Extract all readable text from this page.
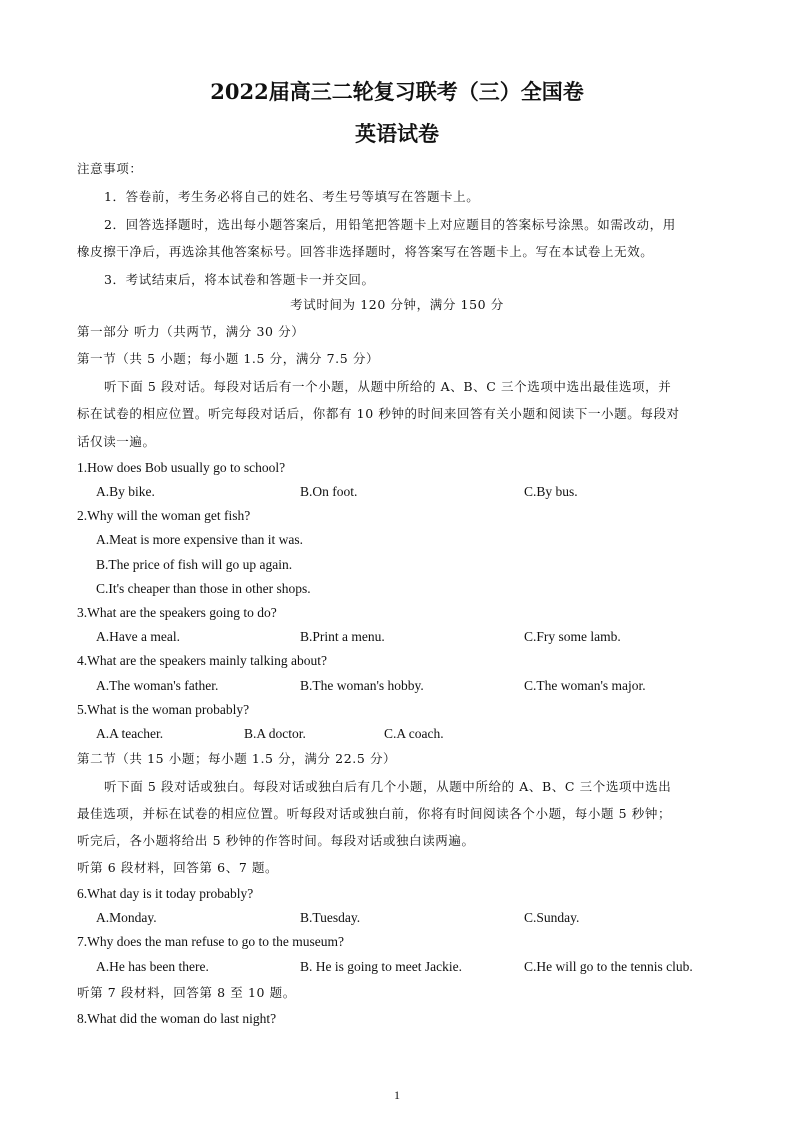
2022届高三二轮复习联考（三）全国卷
英语试卷
注意事项：
1．答卷前，考生务必将自己的姓名、考生号等填写在答题卡上。
2．回答选择题时，选出每小题答案后，用铅笔把答题卡上对应题目的答案标号涂黑。如需改动，用
橡皮擦干净后，再选涂其他答案标号。回答非选择题时，将答案写在答题卡上。写在本试卷上无效。
3．考试结束后，将本试卷和答题卡一并交回。
考试时间为 120 分钟，满分 150 分
第一部分 听力（共两节，满分 30 分）
第一节（共 5 小题；每小题 1.5 分，满分 7.5 分）
听下面 5 段对话。每段对话后有一个小题，从题中所给的 A、B、C 三个选项中选出最佳选项，并
标在试卷的相应位置。听完每段对话后，你都有 10 秒钟的时间来回答有关小题和阅读下一小题。每段对
话仅读一遍。
1.How does Bob usually go to school?
A.By bike.	B.On foot.	C.By bus.
2.Why will the woman get fish?
A.Meat is more expensive than it was.
B.The price of fish will go up again.
C.It's cheaper than those in other shops.
3.What are the speakers going to do?
A.Have a meal.	B.Print a menu.	C.Fry some lamb.
4.What are the speakers mainly talking about?
A.The woman's father.	B.The woman's hobby.	C.The woman's major.
5.What is the woman probably?
A.A teacher.	B.A doctor.	C.A coach.
第二节（共 15 小题；每小题 1.5 分，满分 22.5 分）
听下面 5 段对话或独白。每段对话或独白后有几个小题，从题中所给的 A、B、C 三个选项中选出
最佳选项，并标在试卷的相应位置。听每段对话或独白前，你将有时间阅读各个小题，每小题 5 秒钟；
听完后，各小题将给出 5 秒钟的作答时间。每段对话或独白读两遍。
听第 6 段材料，回答第 6、7 题。
6.What day is it today probably?
A.Monday.	B.Tuesday.	C.Sunday.
7.Why does the man refuse to go to the museum?
A.He has been there.	B. He is going to meet Jackie.	C.He will go to the tennis club.
听第 7 段材料，回答第 8 至 10 题。
8.What did the woman do last night?
1
